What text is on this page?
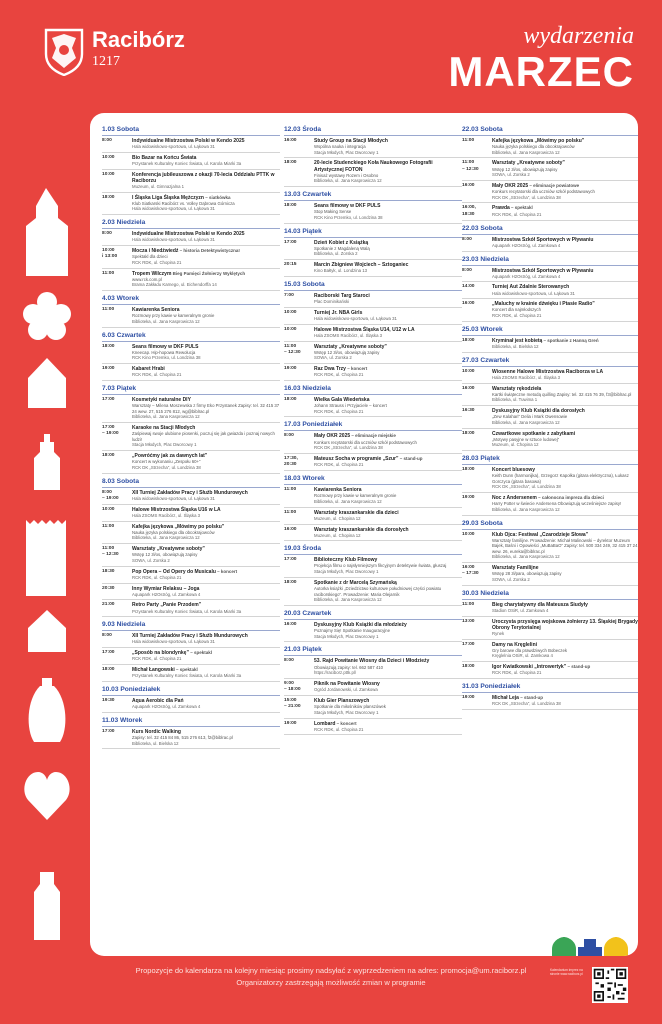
Racibórz
1217
wydarzenia
MARZEC
1.03 Sobota
8:00	Indywidualne Mistrzostwa Polski w Kendo 2025
Hala widowiskowo-sportowa, ul. Łąkowa 31
10:00	Bio Bazar na Końcu Świata
Przystanek Kulturalny Koniec Świata, ul. Karola Miarki 3a
10:00	Konferencja jubileuszowa z okazji 70-lecia Oddziału PTTK w Raciborzu
Muzeum, ul. Gimnazjalna 1
18:00	I Śląska Liga Śląska Mężczyzn – siatkówka
Klub Siatkarski Racibórz vs. Volley Dąbrowa Górnicza
Hala widowiskowo-sportowa, ul. Łąkowa 31
2.03 Niedziela
8:00	Indywidualne Mistrzostwa Polski w Kendo 2025
Hala widowiskowo-sportowa, ul. Łąkowa 31
10:00
i 13:00
Mocza i Niedźwiedź – historia Detektywistyczna!
Spektakl dla dzieci
RCK RDK, ul. Chopina 21
11:00	Tropem Wilczym Bieg Pamięci Żołnierzy Wyklętych
www.rck.com.pl
Brama Zakładu Karnego, ul. Eichendorffa 14
4.03 Wtorek
11:00	Kawiarenka Seniora
Rozmowy przy kawie w kameralnym gronie
Biblioteka, ul. Jana Kasprowicza 12
6.03 Czwartek
18:00	Seans filmowy w DKF PULS
Kneecap. Hip-hopowa Rewolucja
RCK Kino Przemko, ul. Londzina 38
19:00	Kabaret Hrabi
RCK RDK, ul. Chopina 21
7.03 Piątek
17:00	Kosmetyki naturalne DIY
Warsztaty – Milena Moszewska z firmy Eko Przystanek Zapisy: tel. 32 415 37 24 wew. 27, 515 276 812, wg@biblrac.pl
Biblioteka, ul. Jana Kasprowicza 12
17:00
– 19:00
Karaoke na Stacji Młodych
Zaśpiewaj swoje ulubione piosenki, poczuj się jak gwiazda i poznaj nowych ludzi!
Stacja Młodych, Plac Dworcowy 1
18:00	„Powróćmy jak za dawnych lat”
Koncert w wykonaniu „Zespołu 60+”
RCK DK „Strzecha”, ul. Londzina 38
8.03 Sobota
8:00
– 19:00
XII Turniej Zakładów Pracy i Służb Mundurowych
Hala widowiskowo-sportowa, ul. Łąkowa 31
10:00	Halowe Mistrzostwa Śląska U16 w LA
Hala ZSOMS Racibórz, ul. Śląska 3
11:00	Kafejka językowa „Mówimy po polsku”
Nauka języka polskiego dla obcokrajowców
Biblioteka, ul. Jana Kasprowicza 12
11:00
– 12:30
Warsztaty „Kreatywne soboty”
Wstęp 12 zł/os, obowiązują zapisy
SOWA, ul. Zorska 2
18:30	Pop Opera – Od Opery do Musicalu – koncert
RCK RDK, ul. Chopina 21
20:30	Inny Wymiar Relaksu – Joga
Aquapark H2Ostróg, ul. Zamkowa 4
21:00	Retro Party „Panie Przodem”
Przystanek Kulturalny Koniec Świata, ul. Karola Miarki 3a
9.03 Niedziela
8:00	XII Turniej Zakładów Pracy i Służb Mundurowych
Hala widowiskowo-sportowa, ul. Łąkowa 31
17:00	„Sposób na blondynkę” – spektakl
RCK RDK, ul. Chopina 21
18:00	Michał Łangowski – spektakl
Przystanek Kulturalny Koniec Świata, ul. Karola Miarki 3a
10.03 Poniedziałek
19:30	Aqua Aerobic dla Pań
Aquapark H2Ostróg, ul. Zamkowa 4
11.03 Wtorek
17:00	Kurs Nordic Walking
Zapisy: tel. 32 415 84 86, 515 276 613, f2@biblrac.pl
Biblioteka, ul. Bielska 12
12.03 Środa
16:00	Study Group na Stacji Młodych
Wspólna nauka i integracja
Stacja Młodych, Plac Dworcowy 1
18:00	20-lecie Studenckiego Koła Naukowego Fotografii Artystycznej FOTON
Finisaż wystawy Rozem i Osobno
Biblioteka, ul. Jana Kasprowicza 12
13.03 Czwartek
18:00	Seans filmowy w DKF PULS
Stop Making Sense
RCK Kino Przemko, ul. Londzina 38
14.03 Piątek
17:00	Dzień Kobiet z Książką
Spotkanie z Magdaleną Walą
Biblioteka, ul. Zorska 2
20:15	Marcin Zbigniew Wojciech – Sztoganiec
Kino Bałtyk, ul. Londzina 13
15.03 Sobota
7:00	Raciborski Targ Staroci
Plac Dominikański
10:00	Turniej Jr. NBA Girls
Hala widowiskowo-sportowa, ul. Łąkowa 31
10:00	Halowe Mistrzostwa Śląska U14, U12 w LA
Hala ZSOMS Racibórz, ul. Śląska 3
11:00
– 12:30
Warsztaty „Kreatywne soboty”
Wstęp 12 zł/os, obowiązują zapisy
SOWA, ul. Zorska 2
19:00	Raz Dwa Trzy – koncert
RCK RDK, ul. Chopina 21
16.03 Niedziela
18:00	Wielka Gala Wiedeńska
Johann Strauss i Przyjaciele – koncert
RCK RDK, ul. Chopina 21
17.03 Poniedziałek
8:00	Mały OKR 2025 – eliminacje miejskie
Konkurs recytatorski dla uczniów szkół podstawowych
RCK DK „Strzecha”, ul. Londzina 38
17:30,
20:30
Mateusz Socha w programie „Szur” – stand-up
RCK RDK, ul. Chopina 21
18.03 Wtorek
11:00	Kawiarenka Seniora
Rozmowy przy kawie w kameralnym gronie
Biblioteka, ul. Jana Kasprowicza 12
11:00	Warsztaty kraszankarskie dla dzieci
Muzeum, ul. Chopina 12
16:00	Warsztaty kraszankarskie dla dorosłych
Muzeum, ul. Chopina 12
19.03 Środa
17:00	Biblioteczny Klub Filmowy
Projekcja filmu o najsłynniejszym fikcyjnym detektywie świata, głuszaj
Stacja Młodych, Plac Dworcowy 1
18:00	Spotkanie z dr Marcelą Szymańską
Autorka książki „Dziedzictwo kulturowe południowej części powiatu raciborskiego”. Prowadzenie: Maria Olejarnik
Biblioteka, ul. Jana Kasprowicza 12
20.03 Czwartek
16:00	Dyskusyjny Klub Książki dla młodzieży
Poznajmy Się! Spotkanie Inauguracyjne
Stacja Młodych, Plac Dworcowy 1
21.03 Piątek
8:00	53. Rajd Powitanie Wiosny dla Dzieci i Młodzieży
Obowiązują zapisy: tel. 662 587 410
https://raciborz.pttk.pl/
9:00
– 18:00
Piknik na Powitanie Wiosny
Ogród Jordanowski, ul. Zamkowa
15:00
– 21:00
Klub Gier Planszowych
Spotkanie dla miłośników planszówek
Stacja Młodych, Plac Dworcowy 1
19:00	Lombard – koncert
RCK RDK, ul. Chopina 21
22.03 Sobota
11:00	Kafejka językowa „Mówimy po polsku”
Nauka języka polskiego dla obcokrajowców
Biblioteka, ul. Jana Kasprowicza 12
11:00
– 12:30
Warsztaty „Kreatywne soboty”
Wstęp 12 zł/os, obowiązują zapisy
SOWA, ul. Zorska 2
16:00	Mały OKR 2025 – eliminacje powiatowe
Konkurs recytatorski dla uczniów szkół podstawowych
RCK DK „Strzecha”, ul. Londzina 38
16:00,
18:30
Prawda – spektakl
RCK RDK, ul. Chopina 21
22.03 Sobota
8:00	Mistrzostwa Szkół Sportowych w Pływaniu
Aquapark H2Ostróg, ul. Zamkowa 4
23.03 Niedziela
8:00	Mistrzostwa Szkół Sportowych w Pływaniu
Aquapark H2Ostróg, ul. Zamkowa 4
14:00	Turniej Aut Zdalnie Sterowanych
Hala widowiskowo-sportowa, ul. Łąkowa 31
16:00	„Maluchy w krainie dźwięku i Ptasie Radio”
Koncert dla najmłodszych
RCK RDK, ul. Chopina 21
25.03 Wtorek
18:00	Kryminał jest kobietą – spotkanie z Hanną Greń
Biblioteka, ul. Bielska 12
27.03 Czwartek
10:00	Wiosenne Halowe Mistrzostwa Raciborza w LA
Hala ZSOMS Racibórz, ul. Śląska 3
16:00	Warsztaty rękodzieła
Kartki świąteczne metodą quilling Zapisy: tel. 32 415 76 39, f3@biblrac.pl
Biblioteka, ul. Tuwima 1
16:30	Dyskusyjny Klub Książki dla dorosłych
„Zew Kalahari” Delia i Mark Owensowie
Biblioteka, ul. Jana Kasprowicza 12
18:00	Czwartkowe spotkanie z zabytkami
„Motywy pasyjne w sztuce ludowej”
Muzeum, ul. Chopina 12
28.03 Piątek
18:00	Koncert bluesowy
Keith Dunn (harmonijka), Grzegorz Kapołka (gitara elektryczna), Łukasz Gorczyca (gitara basowa)
RCK DK „Strzecha”, ul. Londzina 38
19:00	Noc z Andersenem – całonocna impreza dla dzieci
Harry Potter w świecie Andersena Obowiązują wcześniejsze zapisy!
Biblioteka, ul. Jana Kasprowicza 12
29.03 Sobota
10:00	Klub Ojca: Festiwal „Czarodzieje Słowa”
Warsztaty familijne. Prowadzenie: Michał Malinowski – dyrektor Muzeum Bajek, Baśni i Opowieści „MuBaBaO” Zapisy: tel. 500 334 249, 32 415 37 24 wew. 26, eureka@biblrac.pl
Biblioteka, ul. Jana Kasprowicza 12
16:00
– 17:30
Warsztaty Familijne
Wstęp 28 zł/para, obowiązują zapisy
SOWA, ul. Zorska 2
30.03 Niedziela
11:00	Bieg charytatywny dla Mateusza Siudyły
Stadion OSiR, ul. Zamkowa 4
13:00	Uroczysta przysięga wojskowa żołnierzy 13. Śląskiej Brygady Obrony Terytorialnej
Rynek
17:00	Damy na Kręglelini
Gry barowe dla prawdziwych Bobeczek
Kręglelnia OSiR, ul. Zamkowa 4
18:00	Igor Kwiatkowski „Introwertyk” – stand-up
RCK RDK, ul. Chopina 21
31.03 Poniedziałek
19:00	Michał Leja – stand-up
RCK DK „Strzecha”, ul. Londzina 38
Propozycje do kalendarza na kolejny miesiąc prosimy nadsyłać z wyprzedzeniem na adres: promocja@um.raciborz.pl
Organizatorzy zastrzegają możliwość zmian w programie
Kalendarium imprez na stronie www.raciborz.pl
